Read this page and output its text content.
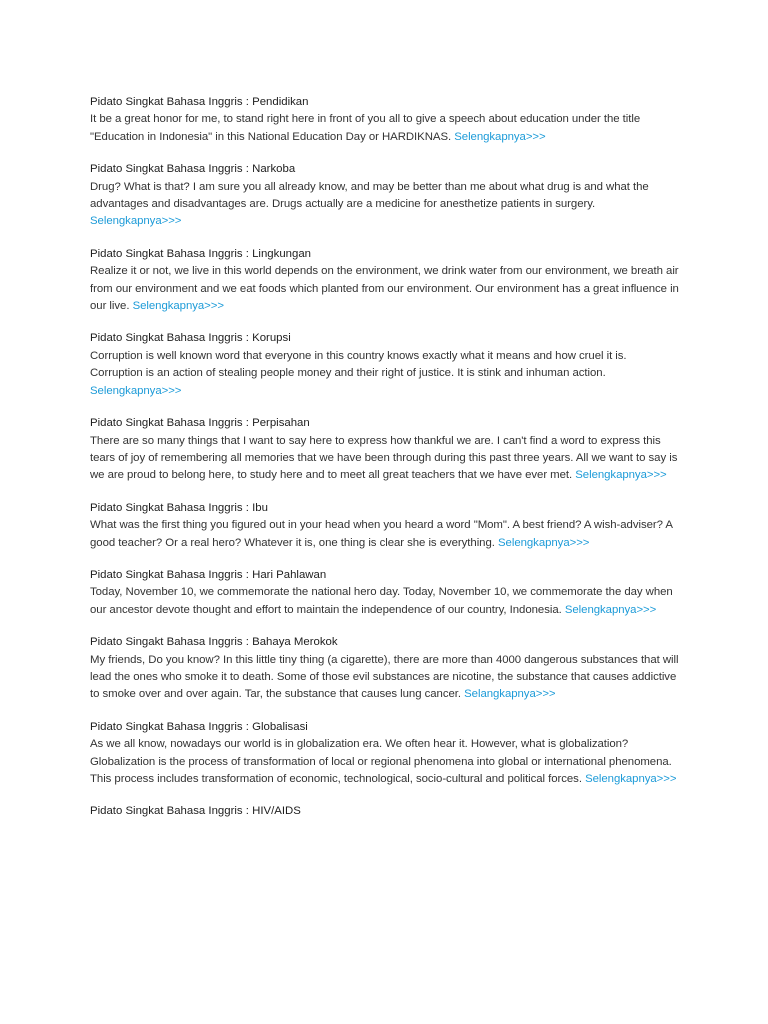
Pidato Singkat Bahasa Inggris : Pendidikan
It be a great honor for me, to stand right here in front of you all to give a speech about education under the title "Education in Indonesia" in this National Education Day or HARDIKNAS. Selengkapnya>>>
Pidato Singkat Bahasa Inggris : Narkoba
Drug? What is that? I am sure you all already know, and may be better than me about what drug is and what the advantages and disadvantages are. Drugs actually are a medicine for anesthetize patients in surgery. Selengkapnya>>>
Pidato Singkat Bahasa Inggris : Lingkungan
Realize it or not, we live in this world depends on the environment, we drink water from our environment, we breath air from our environment and we eat foods which planted from our environment. Our environment has a great influence in our live. Selengkapnya>>>
Pidato Singkat Bahasa Inggris : Korupsi
Corruption is well known word that everyone in this country knows exactly what it means and how cruel it is. Corruption is an action of stealing people money and their right of justice. It is stink and inhuman action. Selengkapnya>>>
Pidato Singkat Bahasa Inggris : Perpisahan
There are so many things that I want to say here to express how thankful we are. I can't find a word to express this tears of joy of remembering all memories that we have been through during this past three years. All we want to say is we are proud to belong here, to study here and to meet all great teachers that we have ever met. Selengkapnya>>>
Pidato Singkat Bahasa Inggris : Ibu
What was the first thing you figured out in your head when you heard a word "Mom". A best friend? A wish-adviser? A good teacher? Or a real hero? Whatever it is, one thing is clear she is everything. Selengkapnya>>>
Pidato Singkat Bahasa Inggris : Hari Pahlawan
Today, November 10, we commemorate the national hero day. Today, November 10, we commemorate the day when our ancestor devote thought and effort to maintain the independence of our country, Indonesia. Selengkapnya>>>
Pidato Singakt Bahasa Inggris : Bahaya Merokok
My friends, Do you know? In this little tiny thing (a cigarette), there are more than 4000 dangerous substances that will lead the ones who smoke it to death. Some of those evil substances are nicotine, the substance that causes addictive to smoke over and over again. Tar, the substance that causes lung cancer. Selangkapnya>>>
Pidato Singkat Bahasa Inggris : Globalisasi
As we all know, nowadays our world is in globalization era. We often hear it. However, what is globalization? Globalization is the process of transformation of local or regional phenomena into global or international phenomena. This process includes transformation of economic, technological, socio-cultural and political forces. Selengkapnya>>>
Pidato Singkat Bahasa Inggris : HIV/AIDS
